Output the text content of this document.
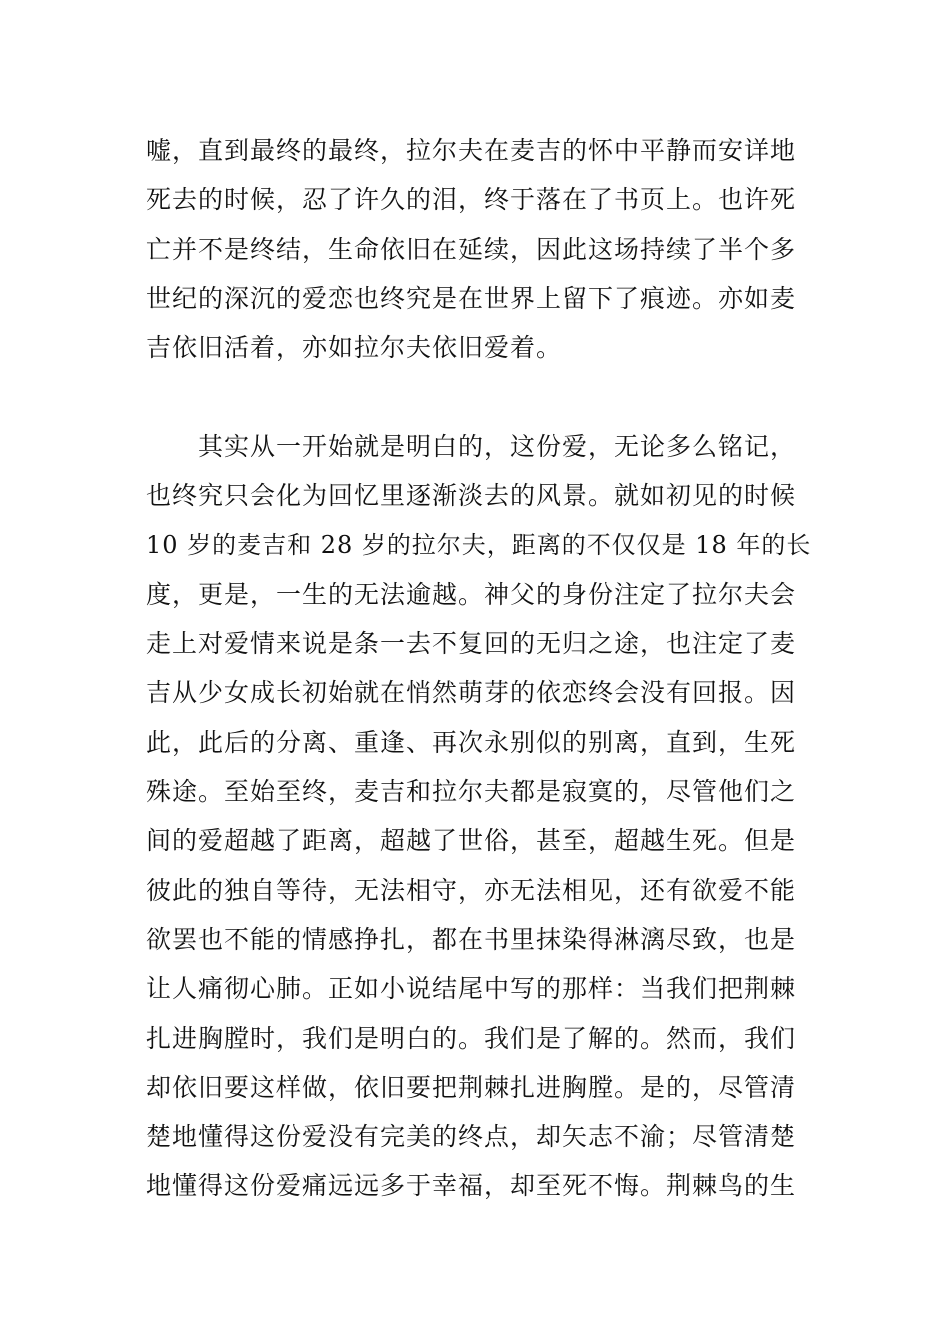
嘘，直到最终的最终，拉尔夫在麦吉的怀中平静而安详地
死去的时候，忍了许久的泪，终于落在了书页上。也许死
亡并不是终结，生命依旧在延续，因此这场持续了半个多
世纪的深沉的爱恋也终究是在世界上留下了痕迹。亦如麦
吉依旧活着，亦如拉尔夫依旧爱着。
　　其实从一开始就是明白的，这份爱，无论多么铭记，
也终究只会化为回忆里逐渐淡去的风景。就如初见的时候
10 岁的麦吉和 28 岁的拉尔夫，距离的不仅仅是 18 年的长
度，更是，一生的无法逾越。神父的身份注定了拉尔夫会
走上对爱情来说是条一去不复回的无归之途，也注定了麦
吉从少女成长初始就在悄然萌芽的依恋终会没有回报。因
此，此后的分离、重逢、再次永别似的别离，直到，生死
殊途。至始至终，麦吉和拉尔夫都是寂寞的，尽管他们之
间的爱超越了距离，超越了世俗，甚至，超越生死。但是
彼此的独自等待，无法相守，亦无法相见，还有欲爱不能
欲罢也不能的情感挣扎，都在书里抹染得淋漓尽致，也是
让人痛彻心肺。正如小说结尾中写的那样：当我们把荆棘
扎进胸膛时，我们是明白的。我们是了解的。然而，我们
却依旧要这样做，依旧要把荆棘扎进胸膛。是的，尽管清
楚地懂得这份爱没有完美的终点，却矢志不渝；尽管清楚
地懂得这份爱痛远远多于幸福，却至死不悔。荆棘鸟的生
